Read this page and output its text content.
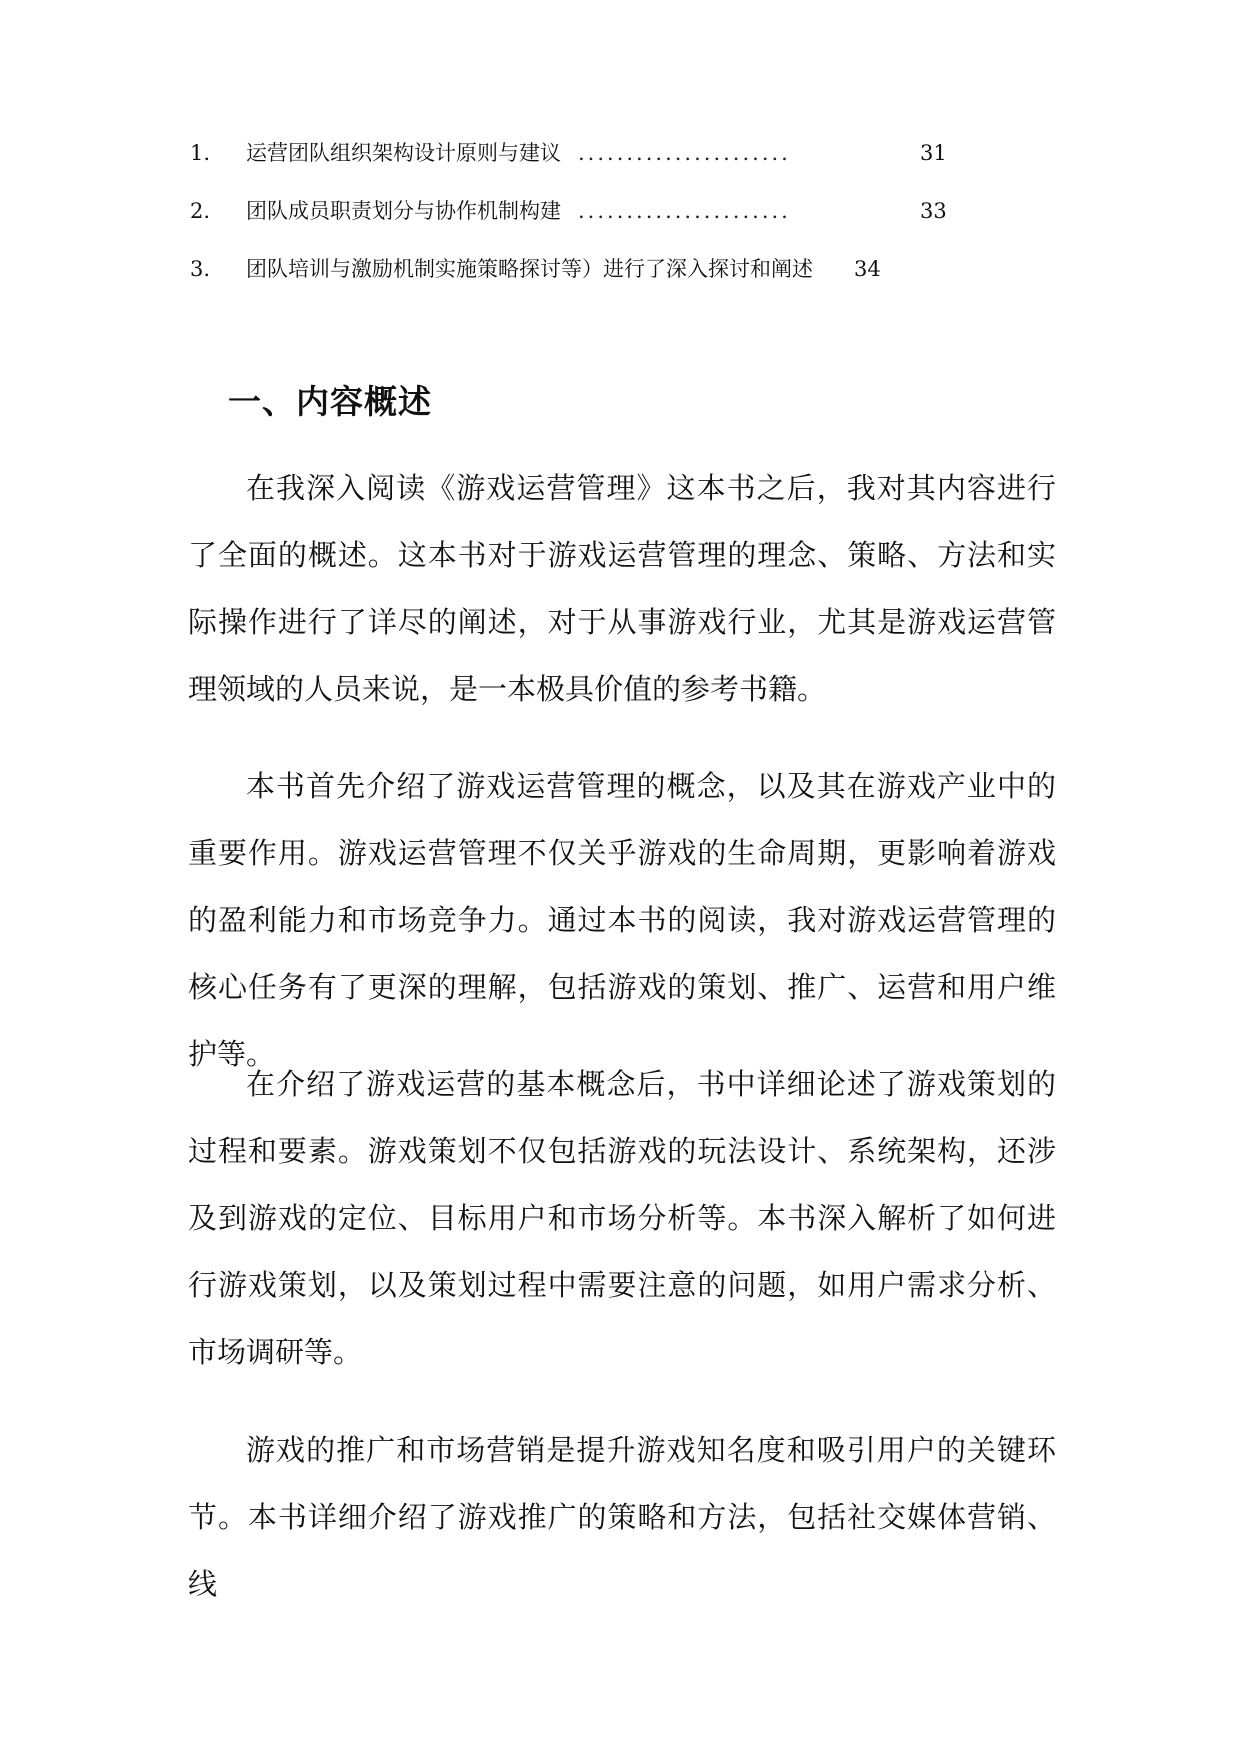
1. 运营团队组织架构设计原则与建议 ......................	31
2. 团队成员职责划分与协作机制构建 ......................	33
3. 团队培训与激励机制实施策略探讨等）进行了深入探讨和阐述 34
一、内容概述

在我深入阅读《游戏运营管理》这本书之后，我对其内容进行了全面的概述。这本书对于游戏运营管理的理念、策略、方法和实际操作进行了详尽的阐述，对于从事游戏行业，尤其是游戏运营管理领域的人员来说，是一本极具价值的参考书籍。

本书首先介绍了游戏运营管理的概念，以及其在游戏产业中的重要作用。游戏运营管理不仅关乎游戏的生命周期，更影响着游戏的盈利能力和市场竞争力。通过本书的阅读，我对游戏运营管理的核心任务有了更深的理解，包括游戏的策划、推广、运营和用户维护等。

在介绍了游戏运营的基本概念后，书中详细论述了游戏策划的过程和要素。游戏策划不仅包括游戏的玩法设计、系统架构，还涉及到游戏的定位、目标用户和市场分析等。本书深入解析了如何进行游戏策划，以及策划过程中需要注意的问题，如用户需求分析、市场调研等。

游戏的推广和市场营销是提升游戏知名度和吸引用户的关键环节。本书详细介绍了游戏推广的策略和方法，包括社交媒体营销、线
